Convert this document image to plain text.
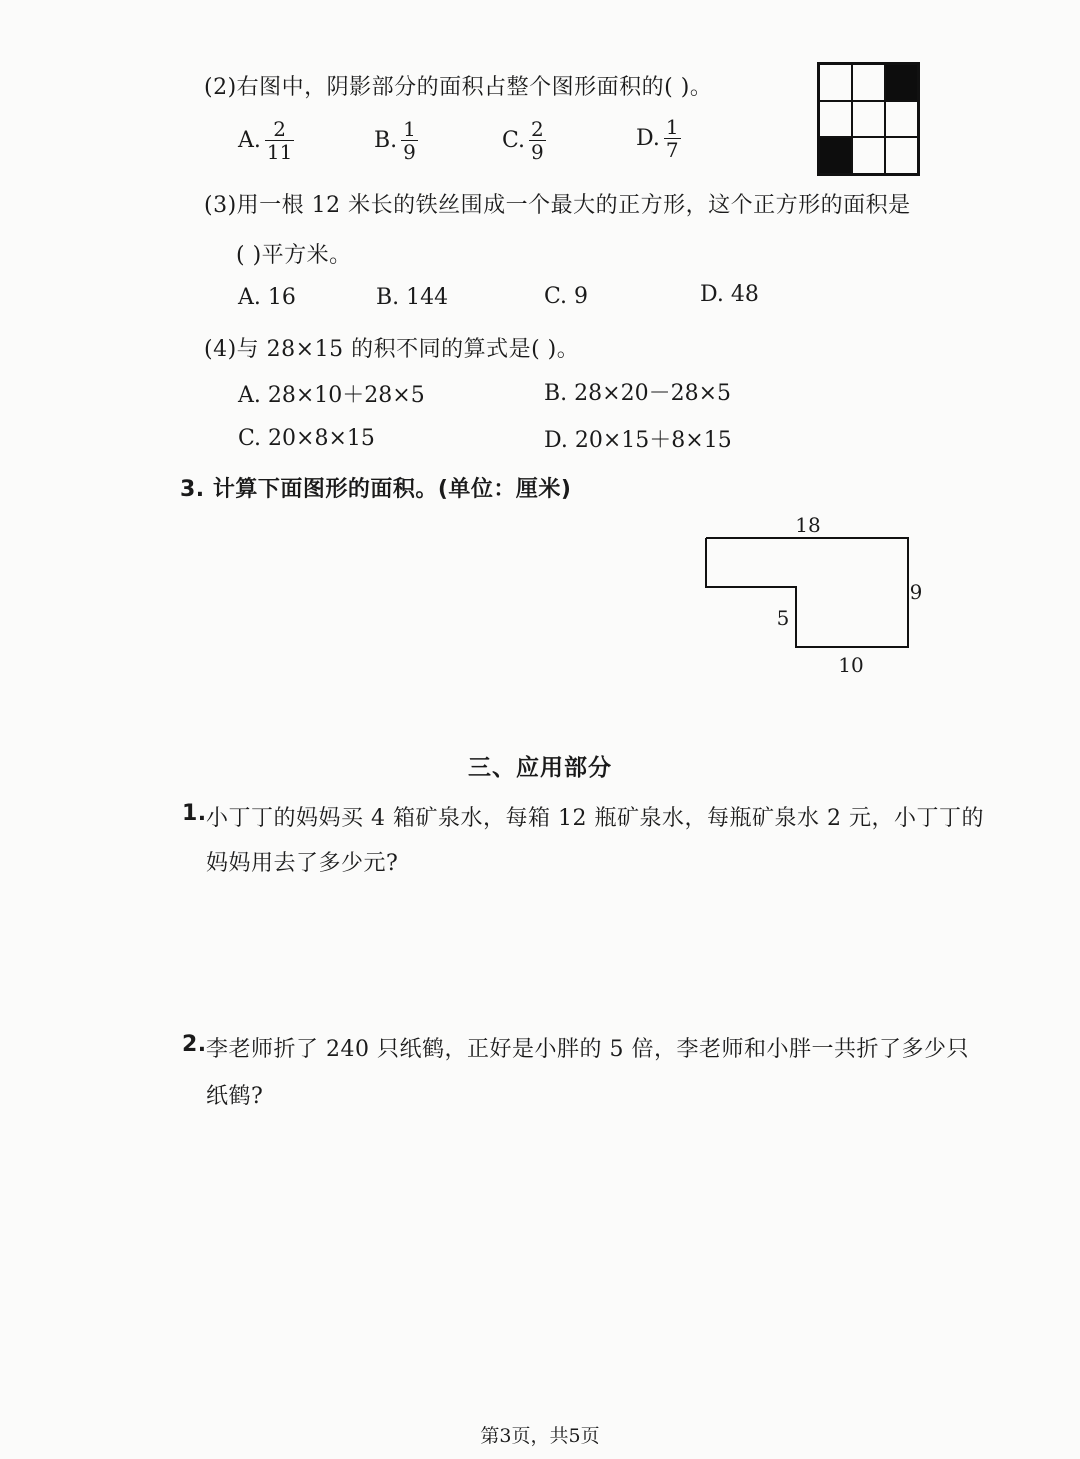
(2)右图中，阴影部分的面积占整个图形面积的( )。
A. $\frac{2}{11}$	B. $\frac{1}{9}$	C. $\frac{2}{9}$	D. $\frac{1}{7}$
(3)用一根 12 米长的铁丝围成一个最大的正方形，这个正方形的面积是
( )平方米。
A. 16	B. 144	C. 9	D. 48
(4)与 28×15 的积不同的算式是( )。
A. 28×10＋28×5	B. 28×20－28×5
C. 20×8×15	D. 20×15＋8×15
3. 计算下面图形的面积。(单位：厘米)
18
9
5
10
三、应用部分
1. 小丁丁的妈妈买 4 箱矿泉水，每箱 12 瓶矿泉水，每瓶矿泉水 2 元，小丁丁的
妈妈用去了多少元?
2. 李老师折了 240 只纸鹤，正好是小胖的 5 倍，李老师和小胖一共折了多少只
纸鹤?
第3页，共5页
